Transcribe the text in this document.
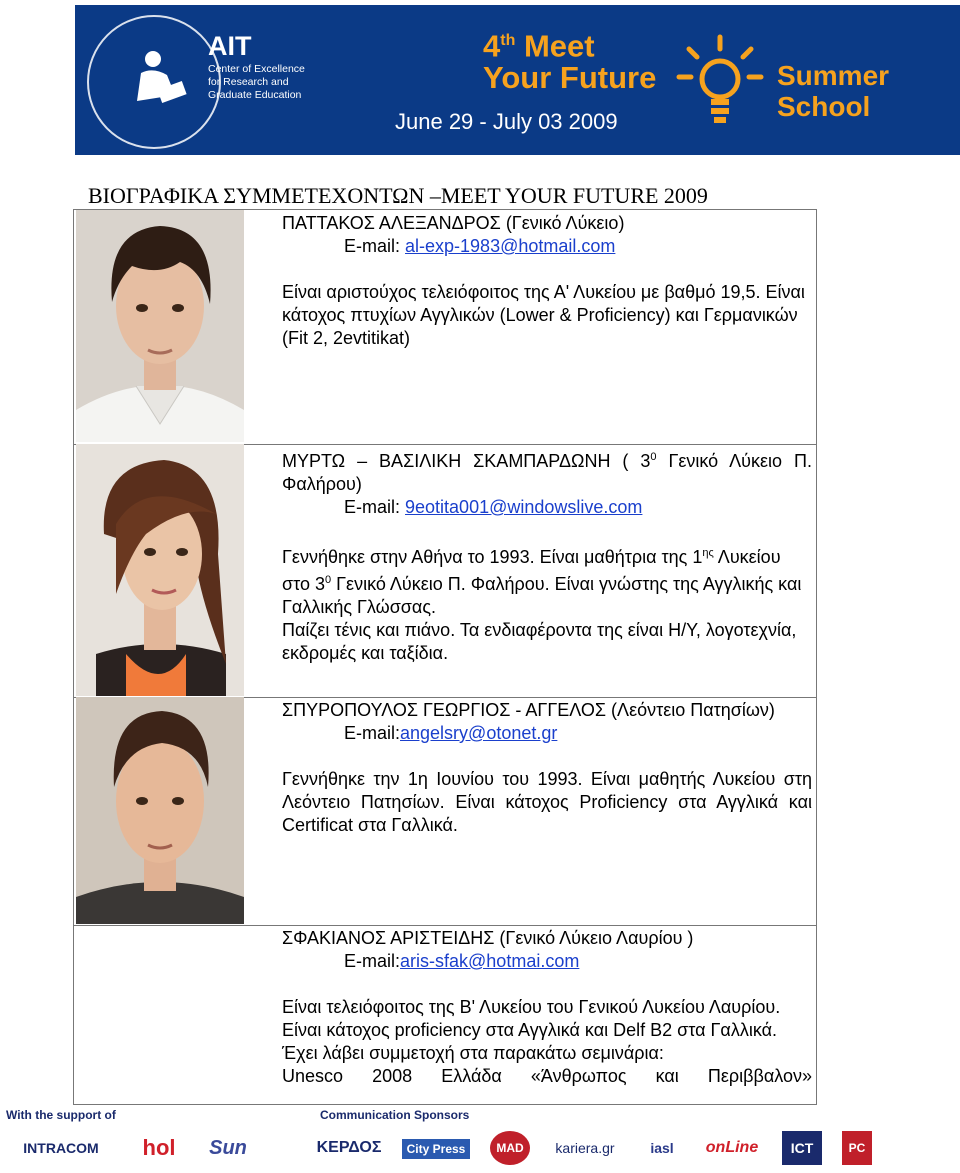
AIT
Center of Excellence for Research and Graduate Education
4th Meet
Your Future
June 29 - July 03 2009
Summer
School
ΒΙΟΓΡΑΦΙΚΑ ΣΥΜΜΕΤΕΧΟΝΤΩΝ –MEET YOUR FUTURE 2009

ΠΑΤΤΑΚΟΣ ΑΛΕΞΑΝΔΡΟΣ (Γενικό Λύκειο)

E-mail: al-exp-1983@hotmail.com

Είναι αριστούχος τελειόφοιτος της Α' Λυκείου με βαθμό 19,5. Είναι κάτοχος πτυχίων Αγγλικών (Lower & Proficiency) και Γερμανικών (Fit 2, 2evtitikat)

ΜΥΡΤΩ – ΒΑΣΙΛΙΚΗ ΣΚΑΜΠΑΡΔΩΝΗ ( $3^0$ Γενικό Λύκειο Π. Φαλήρου)

E-mail: 9eotita001@windowslive.com

Γεννήθηκε στην Αθήνα το 1993. Είναι μαθήτρια της $1^{\eta\varsigma}$ Λυκείου στο $3^0$ Γενικό Λύκειο Π. Φαλήρου. Είναι γνώστης της Αγγλικής και Γαλλικής Γλώσσας.

Παίζει τένις και πιάνο. Τα ενδιαφέροντα της είναι Η/Υ, λογοτεχνία, εκδρομές και ταξίδια.

ΣΠΥΡΟΠΟΥΛΟΣ ΓΕΩΡΓΙΟΣ - ΑΓΓΕΛΟΣ (Λεόντειο Πατησίων)

E-mail:angelsry@otonet.gr

Γεννήθηκε την 1η Ιουνίου του 1993. Είναι μαθητής Λυκείου στη Λεόντειο Πατησίων. Είναι κάτοχος Proficiency στα Αγγλικά και Certificat στα Γαλλικά.

ΣΦΑΚΙΑΝΟΣ ΑΡΙΣΤΕΙΔΗΣ (Γενικό Λύκειο Λαυρίου )

E-mail:aris-sfak@hotmai.com

Είναι τελειόφοιτος της Β' Λυκείου του Γενικού Λυκείου Λαυρίου. Είναι κάτοχος proficiency στα Αγγλικά και Delf B2 στα Γαλλικά.

Έχει λάβει συμμετοχή στα παρακάτω σεμινάρια:

Unesco 2008 Ελλάδα «Άνθρωπος και Περιββαλον»

With the support of	Communication Sponsors
INTRACOM	hol	Sun	ΚΕΡΔΟΣ	City Press	MAD	kariera.gr	iasl	onLine	ICT	PC
